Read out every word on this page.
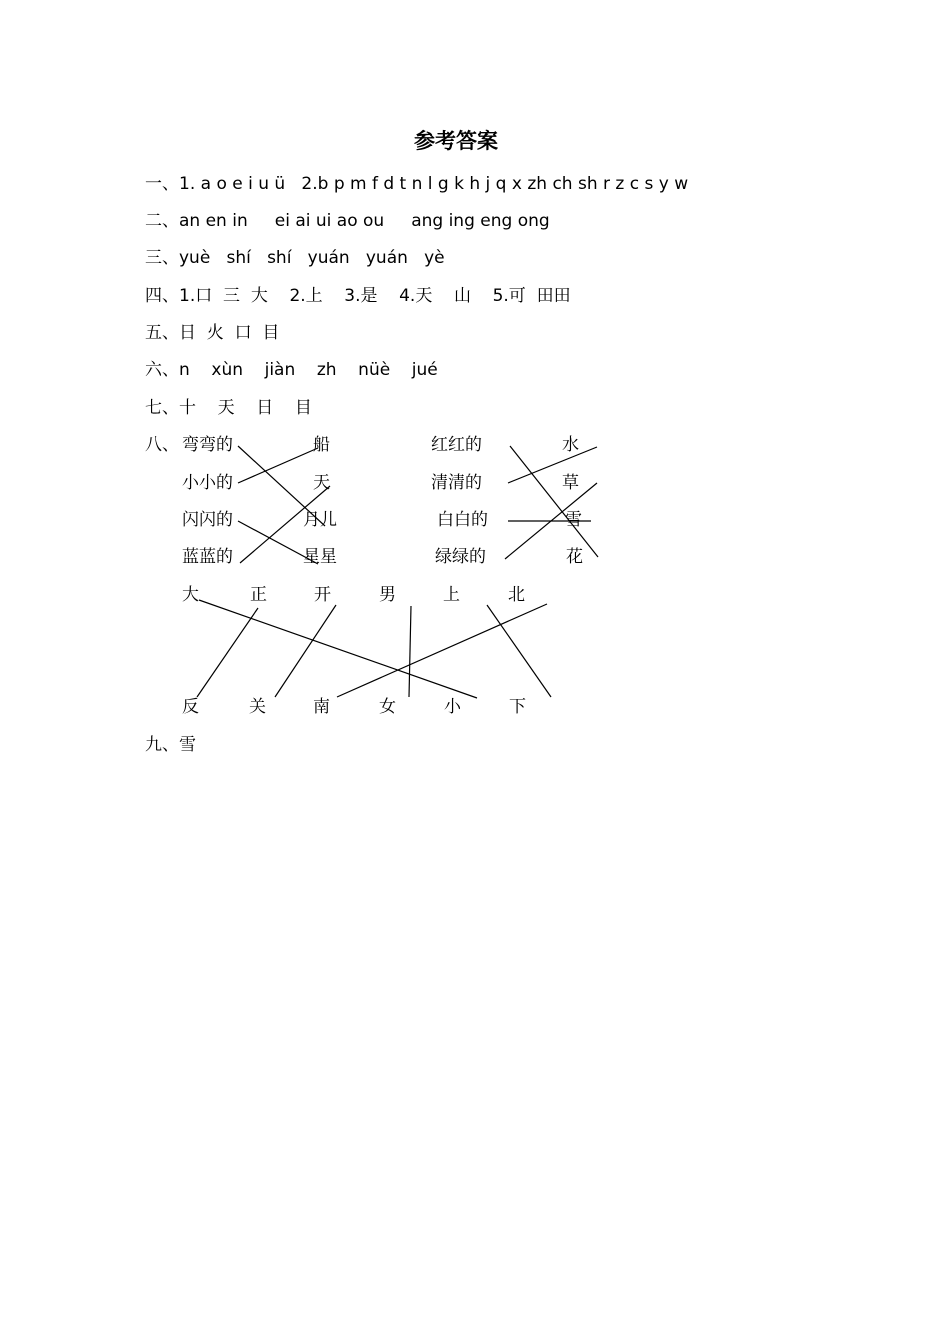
参考答案
一、1. a o e i u ü   2.b p m f d t n l g k h j q x zh ch sh r z c s y w
二、an en in     ei ai ui ao ou     ang ing eng ong
三、yuè   shí   shí   yuán   yuán   yè
四、1.口  三  大    2.上    3.是    4.天    山    5.可  田田
五、日  火  口  目
六、n    xùn    jiàn    zh    nüè    jué
七、十    天    日    目
八、
九、雪
弯弯的
小小的
闪闪的
蓝蓝的
船
天
月儿
星星
红红的
清清的
白白的
绿绿的
水
草
雪
花
大	正	开	男	上	北
反	关	南	女	小	下
